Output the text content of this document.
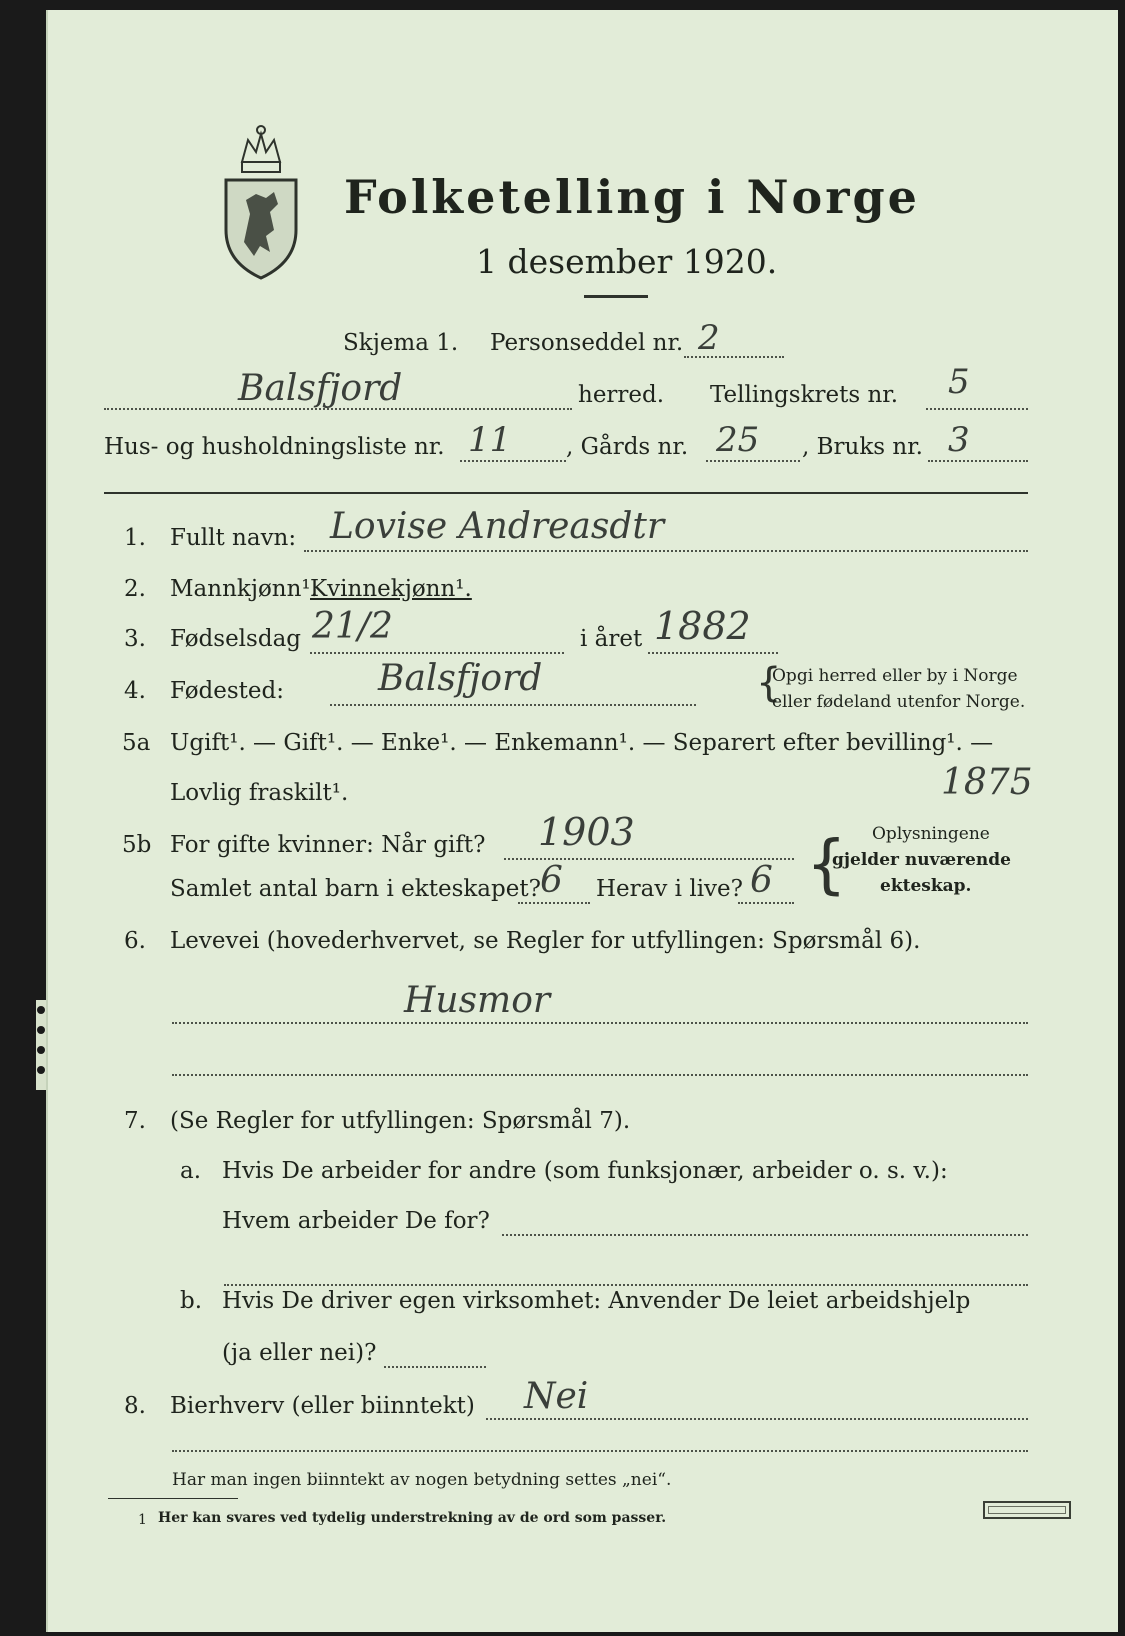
Folketelling i Norge
1 desember 1920.
Skjema 1. Personseddel nr. 2
Balsfjord	herred. Tellingskrets nr. 5
Hus- og husholdningsliste nr. 11 , Gårds nr. 25 , Bruks nr. 3
1. Fullt navn: Lovise Andreasdtr
2. Mannkjønn¹.
Kvinnekjønn¹.
3. Fødselsdag 21/2	i året 1882
4. Fødested:	Balsfjord	{
Opgi herred eller by i Norge
eller fødeland utenfor Norge.
5a Ugift¹. — Gift¹. — Enke¹. — Enkemann¹. — Separert efter bevilling¹. —
Lovlig fraskilt¹.	1875
5b For gifte kvinner: Når gift? 1903
Samlet antal barn i ekteskapet? 6 Herav i live? 6 { Oplysningene
gjelder nuværende
ekteskap.
6. Levevei (hovederhvervet, se Regler for utfyllingen: Spørsmål 6).
Husmor
7. (Se Regler for utfyllingen: Spørsmål 7).
a. Hvis De arbeider for andre (som funksjonær, arbeider o. s. v.):
Hvem arbeider De for?
b. Hvis De driver egen virksomhet: Anvender De leiet arbeidshjelp
(ja eller nei)?
8. Bierhverv (eller biinntekt) Nei
Har man ingen biinntekt av nogen betydning settes „nei“.
1 Her kan svares ved tydelig understrekning av de ord som passer.
